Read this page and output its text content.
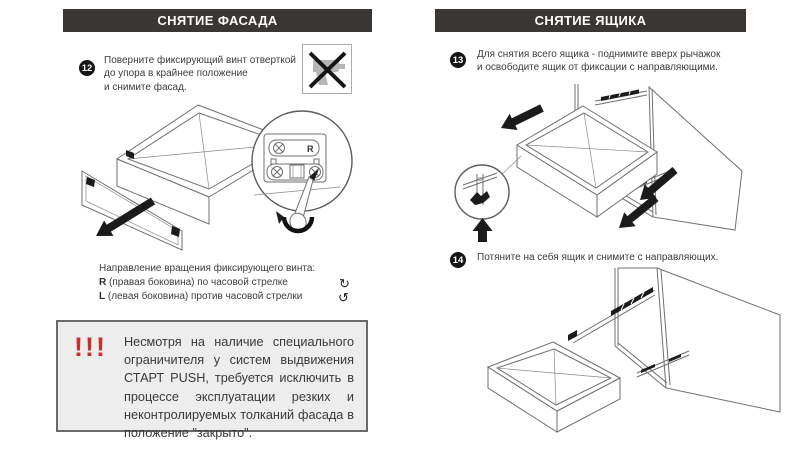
СНЯТИЕ ФАСАДА
12
Поверните фиксирующий винт отверткой
до упора в крайнее положение
и снимите фасад.
R
Направление вращения фиксирующего винта:
R (правая боковина) по часовой стрелке
L (левая боковина) против часовой стрелки
↻
↺
!!!	Несмотря на наличие специального ограничителя у систем выдвижения СТАРТ PUSH, требуется исключить в процессе эксплуатации резких и неконтролируемых толканий фасада в положение "закрыто".
СНЯТИЕ ЯЩИКА
13 Для снятия всего ящика - поднимите вверх рычажок
и освободите ящик от фиксации с направляющими.
14 Потяните на себя ящик и снимите с направляющих.
